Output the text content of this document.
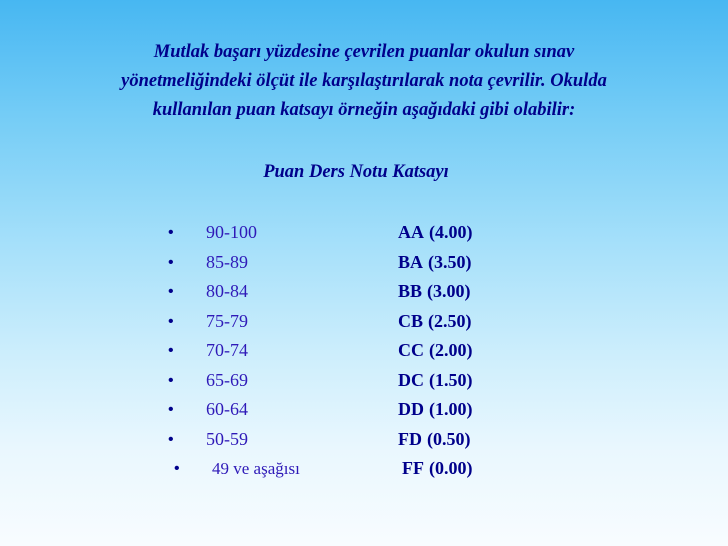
Mutlak başarı yüzdesine çevrilen puanlar okulun sınav
yönetmeliğindeki ölçüt ile karşılaştırılarak nota çevrilir. Okulda
kullanılan puan katsayı örneğin aşağıdaki gibi olabilir:
Puan Ders Notu Katsayı
• 90-100	AA (4.00)
• 85-89	BA (3.50)
• 80-84	BB (3.00)
• 75-79	CB (2.50)
• 70-74	CC (2.00)
• 65-69	DC (1.50)
• 60-64	DD (1.00)
• 50-59	FD (0.50)
• 49 ve aşağısı	FF (0.00)
